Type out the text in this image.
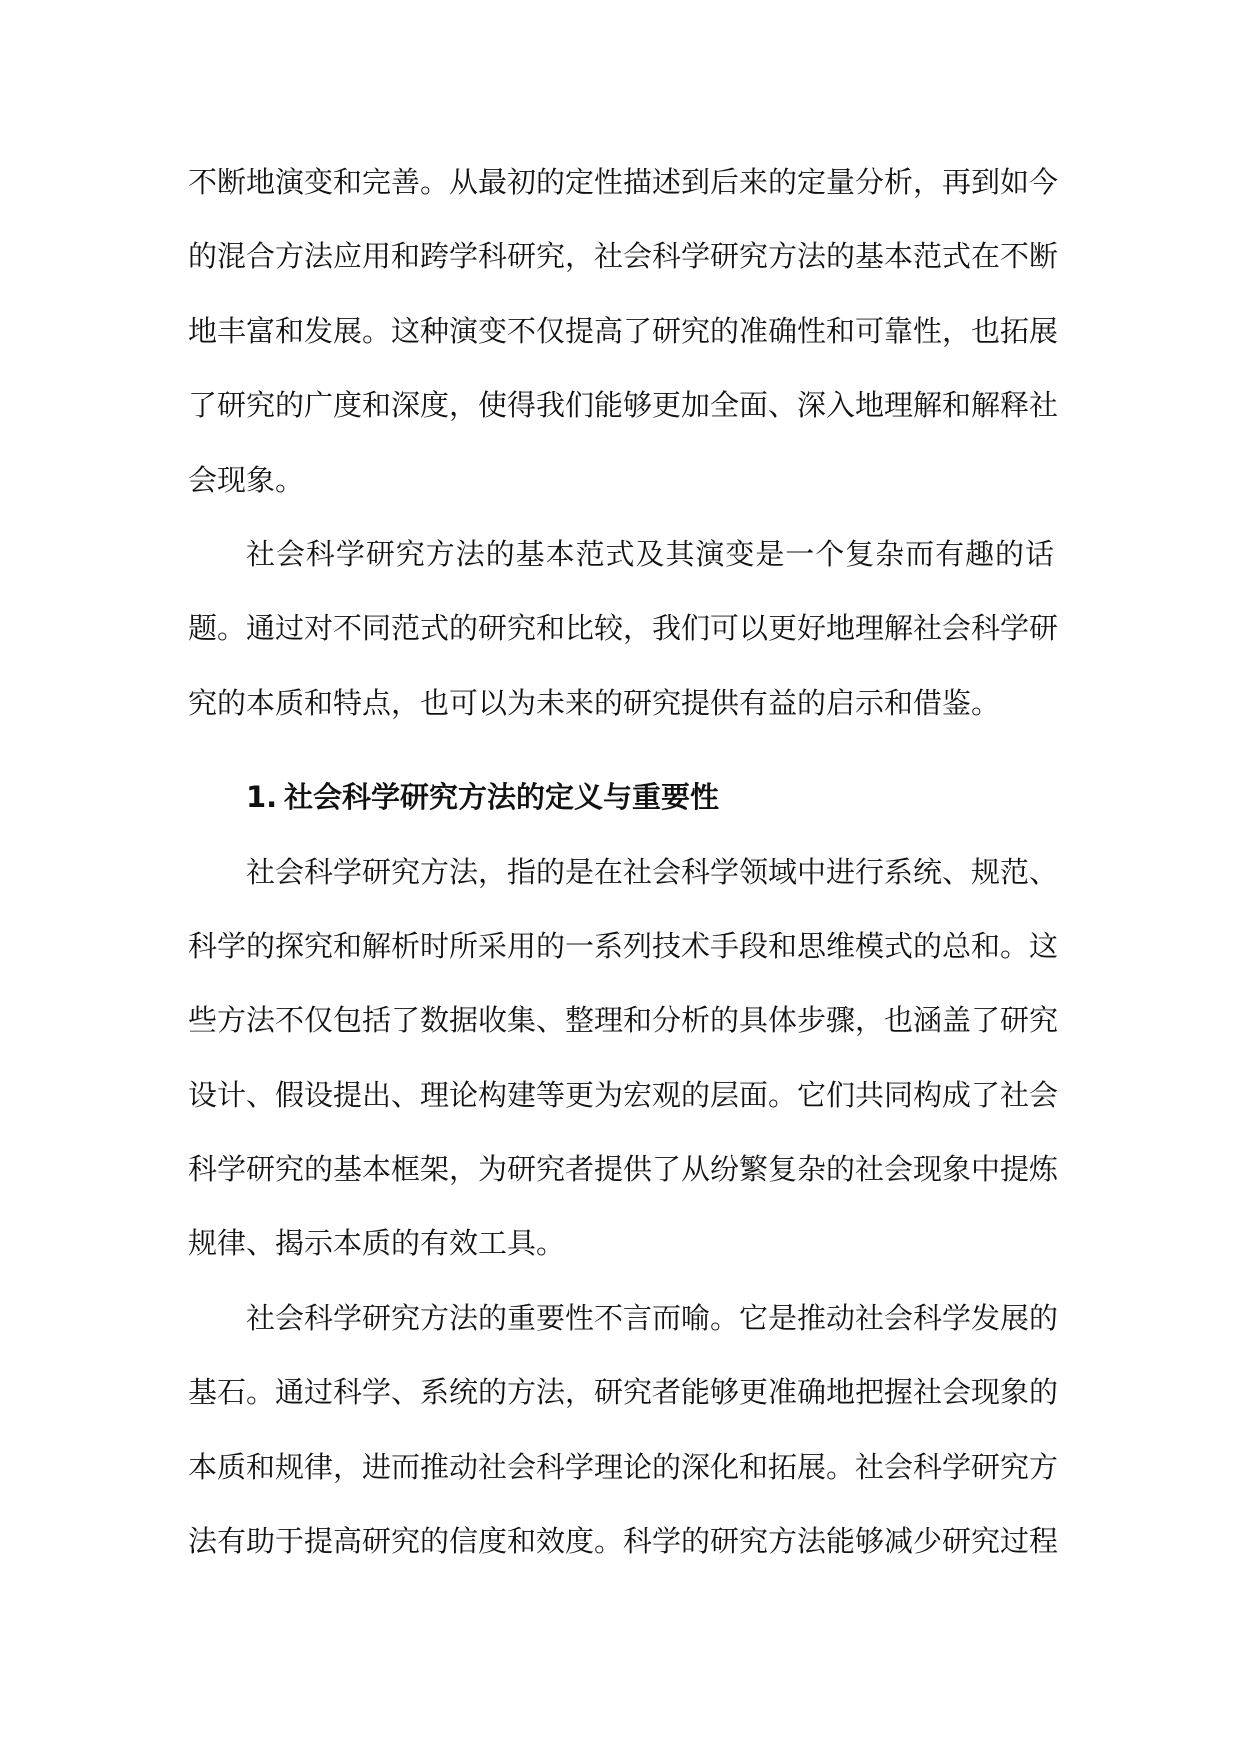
不断地演变和完善。从最初的定性描述到后来的定量分析，再到如今
的混合方法应用和跨学科研究，社会科学研究方法的基本范式在不断
地丰富和发展。这种演变不仅提高了研究的准确性和可靠性，也拓展
了研究的广度和深度，使得我们能够更加全面、深入地理解和解释社
会现象。
社会科学研究方法的基本范式及其演变是一个复杂而有趣的话
题。通过对不同范式的研究和比较，我们可以更好地理解社会科学研
究的本质和特点，也可以为未来的研究提供有益的启示和借鉴。
1. 社会科学研究方法的定义与重要性
社会科学研究方法，指的是在社会科学领域中进行系统、规范、
科学的探究和解析时所采用的一系列技术手段和思维模式的总和。这
些方法不仅包括了数据收集、整理和分析的具体步骤，也涵盖了研究
设计、假设提出、理论构建等更为宏观的层面。它们共同构成了社会
科学研究的基本框架，为研究者提供了从纷繁复杂的社会现象中提炼
规律、揭示本质的有效工具。
社会科学研究方法的重要性不言而喻。它是推动社会科学发展的
基石。通过科学、系统的方法，研究者能够更准确地把握社会现象的
本质和规律，进而推动社会科学理论的深化和拓展。社会科学研究方
法有助于提高研究的信度和效度。科学的研究方法能够减少研究过程
